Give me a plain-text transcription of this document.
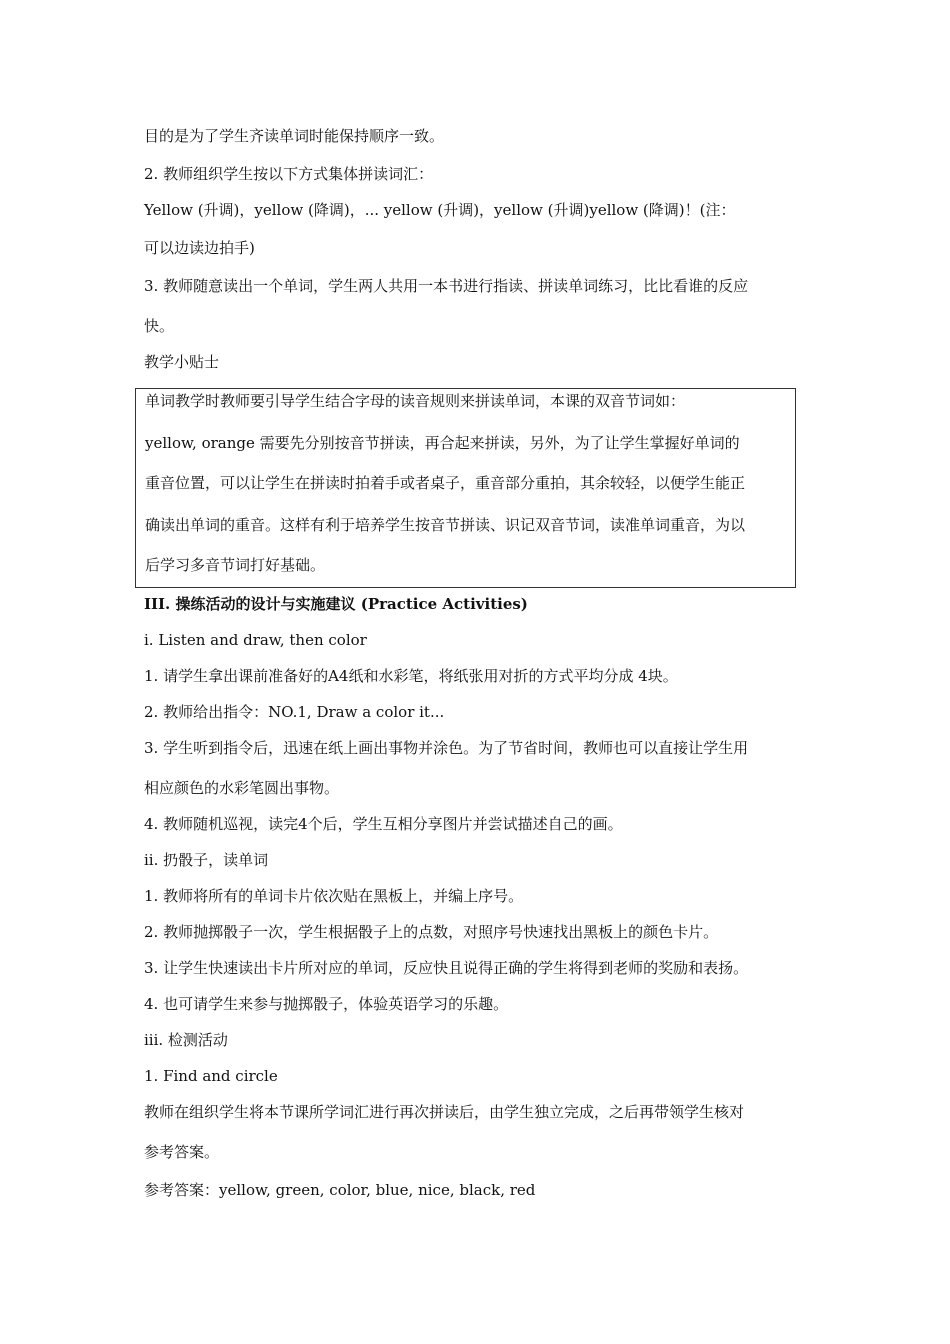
目的是为了学生齐读单词时能保持顺序一致。
2. 教师组织学生按以下方式集体拼读词汇：
Yellow (升调)，yellow (降调)，... yellow (升调)，yellow (升调)yellow (降调)！(注：
可以边读边拍手)
3. 教师随意读出一个单词，学生两人共用一本书进行指读、拼读单词练习，比比看谁的反应
快。
教学小贴士
单词教学时教师要引导学生结合字母的读音规则来拼读单词，本课的双音节词如：
yellow, orange 需要先分别按音节拼读，再合起来拼读，另外，为了让学生掌握好单词的
重音位置，可以让学生在拼读时拍着手或者桌子，重音部分重拍，其余较轻，以便学生能正
确读出单词的重音。这样有利于培养学生按音节拼读、识记双音节词，读准单词重音，为以
后学习多音节词打好基础。
III. 操练活动的设计与实施建议 (Practice Activities)
i. Listen and draw, then color
1. 请学生拿出课前准备好的A4纸和水彩笔，将纸张用对折的方式平均分成 4块。
2. 教师给出指令：NO.1, Draw a color it...
3. 学生听到指令后，迅速在纸上画出事物并涂色。为了节省时间，教师也可以直接让学生用
相应颜色的水彩笔圆出事物。
4. 教师随机巡视，读完4个后，学生互相分享图片并尝试描述自己的画。
ii. 扔骰子，读单词
1. 教师将所有的单词卡片依次贴在黑板上，并编上序号。
2. 教师抛掷骰子一次，学生根据骰子上的点数，对照序号快速找出黑板上的颜色卡片。
3. 让学生快速读出卡片所对应的单词，反应快且说得正确的学生将得到老师的奖励和表扬。
4. 也可请学生来参与抛掷骰子，体验英语学习的乐趣。
iii. 检测活动
1. Find and circle
教师在组织学生将本节课所学词汇进行再次拼读后，由学生独立完成，之后再带领学生核对
参考答案。
参考答案：yellow, green, color, blue, nice, black, red
